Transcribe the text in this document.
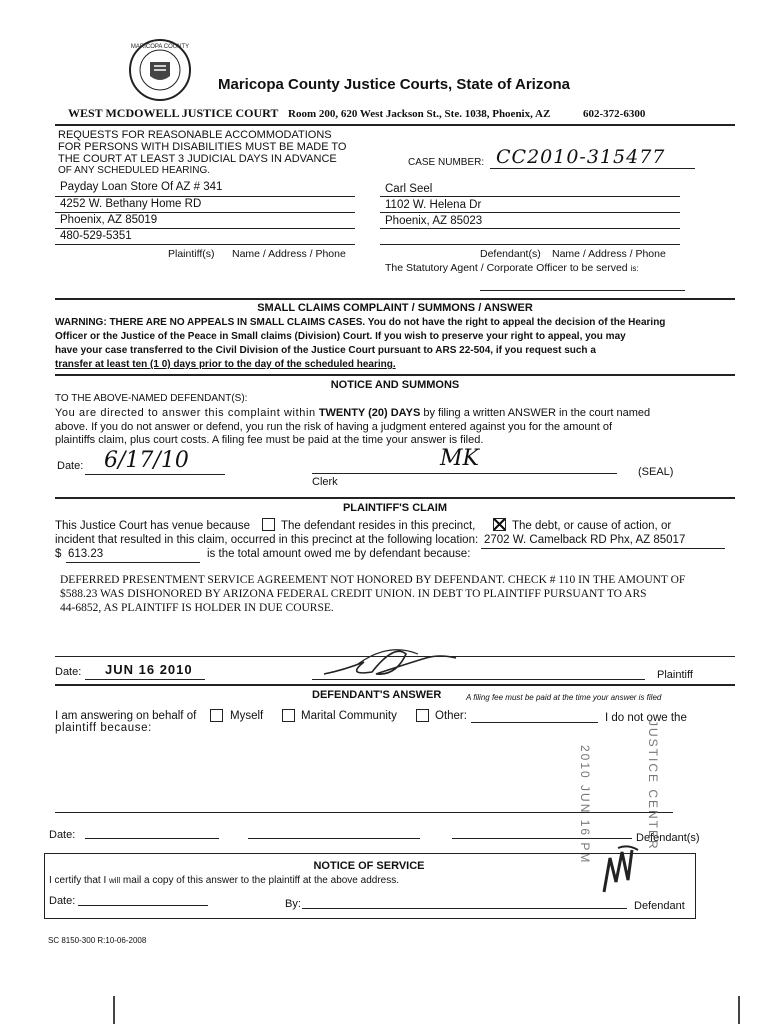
MARICOPA COUNTY
Maricopa County Justice Courts, State of Arizona
WEST MCDOWELL JUSTICE COURT Room 200, 620 West Jackson St., Ste. 1038, Phoenix, AZ	602-372-6300
REQUESTS FOR REASONABLE ACCOMMODATIONS
FOR PERSONS WITH DISABILITIES MUST BE MADE TO
THE COURT AT LEAST 3 JUDICIAL DAYS IN ADVANCE
OF ANY SCHEDULED HEARING.
CASE NUMBER: CC2010-315477
Payday Loan Store Of AZ # 341
4252 W. Bethany Home RD
Phoenix, AZ 85019
480-529-5351
Plaintiff(s) Name / Address / Phone
Carl Seel
1102 W. Helena Dr
Phoenix, AZ 85023
Defendant(s) Name / Address / Phone
The Statutory Agent / Corporate Officer to be served is:
SMALL CLAIMS COMPLAINT / SUMMONS / ANSWER
WARNING: THERE ARE NO APPEALS IN SMALL CLAIMS CASES. You do not have the right to appeal the decision of the Hearing
Officer or the Justice of the Peace in Small claims (Division) Court. If you wish to preserve your right to appeal, you may
have your case transferred to the Civil Division of the Justice Court pursuant to ARS 22-504, if you request such a
transfer at least ten (1 0) days prior to the day of the scheduled hearing.
NOTICE AND SUMMONS
TO THE ABOVE-NAMED DEFENDANT(S):
You are directed to answer this complaint within TWENTY (20) DAYS by filing a written ANSWER in the court named
above. If you do not answer or defend, you run the risk of having a judgment entered against you for the amount of
plaintiffs claim, plus court costs. A filing fee must be paid at the time your answer is filed.
Date: 6/17/10	MK
Clerk
(SEAL)
PLAINTIFF'S CLAIM
This Justice Court has venue because	The defendant resides in this precinct,	The debt, or cause of action, or
incident that resulted in this claim, occurred in this precinct at the following location: 2702 W. Camelback RD Phx, AZ 85017
$ 613.23	is the total amount owed me by defendant because:
DEFERRED PRESENTMENT SERVICE AGREEMENT NOT HONORED BY DEFENDANT. CHECK # 110 IN THE AMOUNT OF
$588.23 WAS DISHONORED BY ARIZONA FEDERAL CREDIT UNION. IN DEBT TO PLAINTIFF PURSUANT TO ARS
44-6852, AS PLAINTIFF IS HOLDER IN DUE COURSE.
Date: JUN 16 2010	Plaintiff
DEFENDANT'S ANSWER	A filing fee must be paid at the time your answer is filed
I am answering on behalf of	Myself	Marital Community	Other:	I do not owe the
plaintiff because:
Date:	Defendant(s)
2010 JUN 16 PM	JUSTICE CENTER
NOTICE OF SERVICE
I certify that I will mail a copy of this answer to the plaintiff at the above address.
Date:	By:	Defendant
SC 8150-300 R:10-06-2008
